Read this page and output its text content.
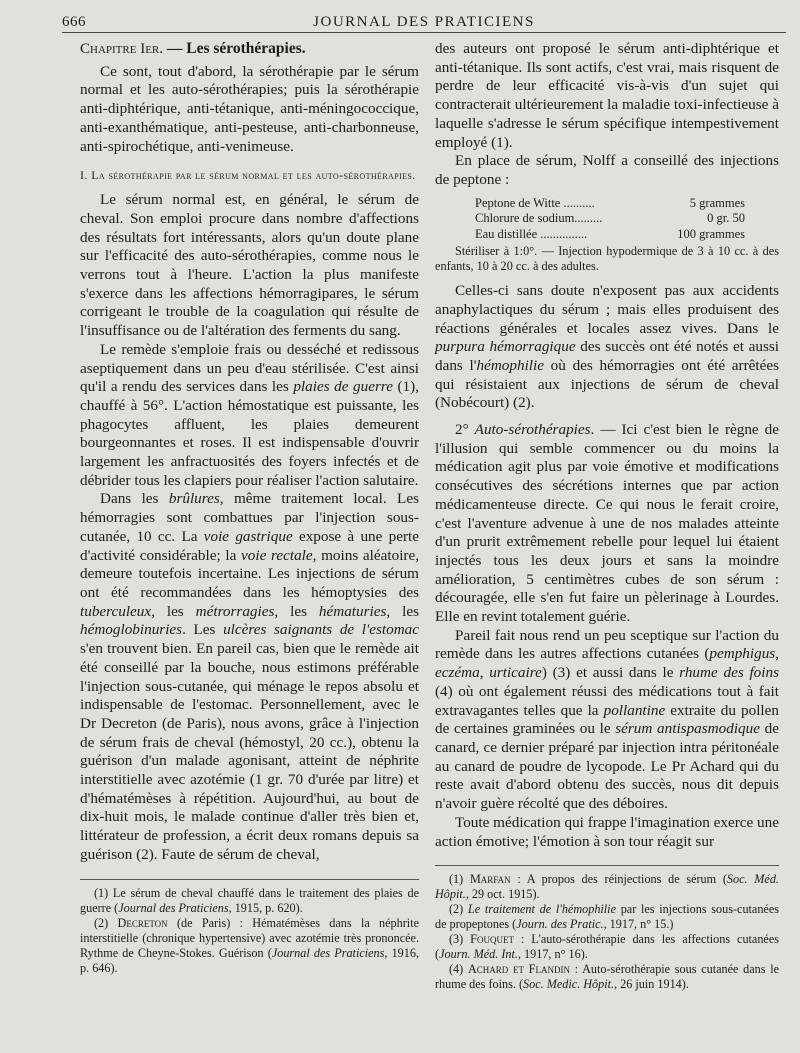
666	JOURNAL DES PRATICIENS
Chapitre Ier. — Les sérothérapies.

Ce sont, tout d'abord, la sérothérapie par le sérum normal et les auto-sérothérapies; puis la sérothérapie anti-diphtérique, anti-tétanique, anti-méningococcique, anti-exanthématique, anti-pesteuse, anti-charbonneuse, anti-spirochétique, anti-venimeuse.

I. La sérothérapie par le sérum normal et les auto-sérothérapies.

Le sérum normal est, en général, le sérum de cheval. Son emploi procure dans nombre d'affections des résultats fort intéressants, alors qu'un doute plane sur l'efficacité des auto-sérothérapies, comme nous le verrons tout à l'heure. L'action la plus manifeste s'exerce dans les affections hémorragipares, le sérum corrigeant le trouble de la coagulation qui résulte de l'insuffisance ou de l'altération des ferments du sang.

Le remède s'emploie frais ou desséché et redissous aseptiquement dans un peu d'eau stérilisée. C'est ainsi qu'il a rendu des services dans les plaies de guerre (1), chauffé à 56°. L'action hémostatique est puissante, les phagocytes affluent, les plaies demeurent bourgeonnantes et roses. Il est indispensable d'ouvrir largement les anfractuosités des foyers infectés et de débrider tous les clapiers pour réaliser l'action salutaire.

Dans les brûlures, même traitement local. Les hémorragies sont combattues par l'injection sous-cutanée, 10 cc. La voie gastrique expose à une perte d'activité considérable; la voie rectale, moins aléatoire, demeure toutefois incertaine. Les injections de sérum ont été recommandées dans les hémoptysies des tuberculeux, les métrorragies, les hématuries, les hémoglobinuries. Les ulcères saignants de l'estomac s'en trouvent bien. En pareil cas, bien que le remède ait été conseillé par la bouche, nous estimons préférable l'injection sous-cutanée, qui ménage le repos absolu et indispensable de l'estomac. Personnellement, avec le Dr Decreton (de Paris), nous avons, grâce à l'injection de sérum frais de cheval (hémostyl, 20 cc.), obtenu la guérison d'un malade agonisant, atteint de néphrite interstitielle avec azotémie (1 gr. 70 d'urée par litre) et d'hématémèses à répétition. Aujourd'hui, au bout de dix-huit mois, le malade continue d'aller très bien et, littérateur de profession, a écrit deux romans depuis sa guérison (2). Faute de sérum de cheval,

(1) Le sérum de cheval chauffé dans le traitement des plaies de guerre (Journal des Praticiens, 1915, p. 620).

(2) Decreton (de Paris) : Hématémèses dans la néphrite interstitielle (chronique hypertensive) avec azotémie très prononcée. Rythme de Cheyne-Stokes. Guérison (Journal des Praticiens, 1916, p. 646).

des auteurs ont proposé le sérum anti-diphtérique et anti-tétanique. Ils sont actifs, c'est vrai, mais risquent de perdre de leur efficacité vis-à-vis d'un sujet qui contracterait ultérieurement la maladie toxi-infectieuse à laquelle s'adresse le sérum spécifique intempestivement employé (1).

En place de sérum, Nolff a conseillé des injections de peptone :

Peptone de Witte ..........	5 grammes
Chlorure de sodium.........	0 gr. 50
Eau distillée ...............	100 grammes

Stériliser à 1:0°. — Injection hypodermique de 3 à 10 cc. à des enfants, 10 à 20 cc. à des adultes.

Celles-ci sans doute n'exposent pas aux accidents anaphylactiques du sérum ; mais elles produisent des réactions générales et locales assez vives. Dans le purpura hémorragique des succès ont été notés et aussi dans l'hémophilie où des hémorragies ont été arrêtées qui résistaient aux injections de sérum de cheval (Nobécourt) (2).

2° Auto-sérothérapies. — Ici c'est bien le règne de l'illusion qui semble commencer ou du moins la médication agit plus par voie émotive et modifications consécutives des sécrétions internes que par action médicamenteuse directe. Ce qui nous le ferait croire, c'est l'aventure advenue à une de nos malades atteinte d'un prurit extrêmement rebelle pour lequel lui étaient injectés tous les deux jours et sans la moindre amélioration, 5 centimètres cubes de son sérum : découragée, elle s'en fut faire un pèlerinage à Lourdes. Elle en revint totalement guérie.

Pareil fait nous rend un peu sceptique sur l'action du remède dans les autres affections cutanées (pemphigus, eczéma, urticaire) (3) et aussi dans le rhume des foins (4) où ont également réussi des médications tout à fait extravagantes telles que la pollantine extraite du pollen de certaines graminées ou le sérum antispasmodique de canard, ce dernier préparé par injection intra péritonéale au canard de poudre de lycopode. Le Pr Achard qui du reste avait d'abord obtenu des succès, nous dit depuis n'avoir guère récolté que des déboires.

Toute médication qui frappe l'imagination exerce une action émotive; l'émotion à son tour réagit sur

(1) Marfan : A propos des réinjections de sérum (Soc. Méd. Hôpit., 29 oct. 1915).

(2) Le traitement de l'hémophilie par les injections sous-cutanées de propeptones (Journ. des Pratic., 1917, n° 15.)

(3) Fouquet : L'auto-sérothérapie dans les affections cutanées (Journ. Méd. Int., 1917, n° 16).

(4) Achard et Flandin : Auto-sérothérapie sous cutanée dans le rhume des foins. (Soc. Medic. Hôpit., 26 juin 1914).
